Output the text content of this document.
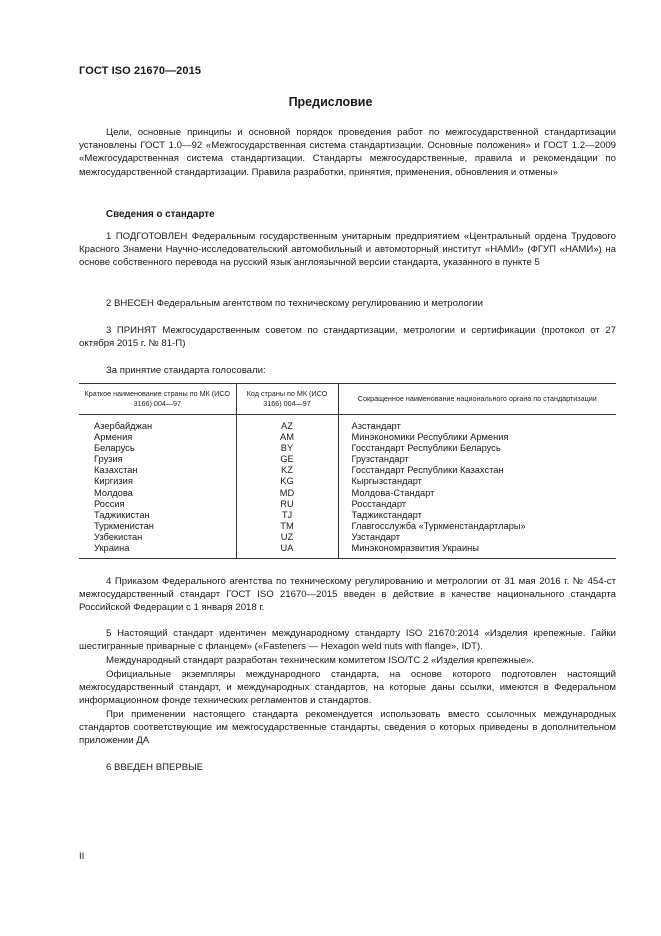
ГОСТ ISO 21670—2015
Предисловие

Цели, основные принципы и основной порядок проведения работ по межгосударственной стандартизации установлены ГОСТ 1.0—92 «Межгосударственная система стандартизации. Основные положения» и ГОСТ 1.2—2009 «Межгосударственная система стандартизации. Стандарты межгосударственные, правила и рекомендации по межгосударственной стандартизации. Правила разработки, принятия, применения, обновления и отмены»

Сведения о стандарте

1 ПОДГОТОВЛЕН Федеральным государственным унитарным предприятием «Центральный ордена Трудового Красного Знамени Научно-исследовательский автомобильный и автомоторный институт «НАМИ» (ФГУП «НАМИ») на основе собственного перевода на русский язык англоязычной версии стандарта, указанного в пункте 5

2 ВНЕСЕН Федеральным агентством по техническому регулированию и метрологии

3 ПРИНЯТ Межгосударственным советом по стандартизации, метрологии и сертификации (протокол от 27 октября 2015 г. № 81-П)

За принятие стандарта голосовали:

Краткое наименование страны по МК (ИСО 3166) 004—97	Код страны по МК (ИСО 3166) 004—97	Сокращенное наименование национального органа по стандартизации
Азербайджан	AZ	Азстандарт
Армения	AM	Минэкономики Республики Армения
Беларусь	BY	Госстандарт Республики Беларусь
Грузия	GE	Грузстандарт
Казахстан	KZ	Госстандарт Республики Казахстан
Киргизия	KG	Кыргызстандарт
Молдова	MD	Молдова-Стандарт
Россия	RU	Росстандарт
Таджикистан	TJ	Таджикстандарт
Туркменистан	TM	Главгосслужба «Туркменстандартлары»
Узбекистан	UZ	Узстандарт
Украина	UA	Минэкономразвития Украины

4 Приказом Федерального агентства по техническому регулированию и метрологии от 31 мая 2016 г. № 454-ст межгосударственный стандарт ГОСТ ISO 21670—2015 введен в действие в качестве национального стандарта Российской Федерации с 1 января 2018 г.

5 Настоящий стандарт идентичен международному стандарту ISO 21670:2014 «Изделия крепежные. Гайки шестигранные приварные с фланцем» («Fasteners — Hexagon weld nuts with flange», IDT).

Международный стандарт разработан техническим комитетом ISO/TC 2 «Изделия крепежные».

Официальные экземпляры международного стандарта, на основе которого подготовлен настоящий межгосударственный стандарт, и международных стандартов, на которые даны ссылки, имеются в Федеральном информационном фонде технических регламентов и стандартов.

При применении настоящего стандарта рекомендуется использовать вместо ссылочных международных стандартов соответствующие им межгосударственные стандарты, сведения о которых приведены в дополнительном приложении ДА

6 ВВЕДЕН ВПЕРВЫЕ

II
